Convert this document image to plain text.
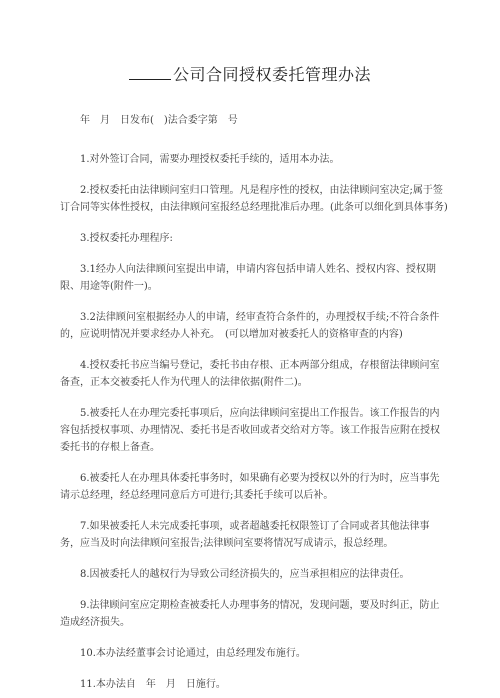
公司合同授权委托管理办法

年　月　日发布(　)法合委字第　号

1.对外签订合同，需要办理授权委托手续的，适用本办法。

2.授权委托由法律顾问室归口管理。凡是程序性的授权，由法律顾问室决定;属于签订合同等实体性授权，由法律顾问室报经总经理批准后办理。(此条可以细化到具体事务)

3.授权委托办理程序:

3.1经办人向法律顾问室提出申请，申请内容包括申请人姓名、授权内容、授权期限、用途等(附件一)。

3.2法律顾问室根据经办人的申请，经审查符合条件的，办理授权手续;不符合条件的，应说明情况并要求经办人补充。　(可以增加对被委托人的资格审查的内容)

4.授权委托书应当编号登记，委托书由存根、正本两部分组成，存根留法律顾问室备查，正本交被委托人作为代理人的法律依据(附件二)。

5.被委托人在办理完委托事项后，应向法律顾问室提出工作报告。该工作报告的内容包括授权事项、办理情况、委托书是否收回或者交给对方等。该工作报告应附在授权委托书的存根上备查。

6.被委托人在办理具体委托事务时，如果确有必要为授权以外的行为时，应当事先请示总经理，经总经理同意后方可进行;其委托手续可以后补。

7.如果被委托人未完成委托事项，或者超越委托权限签订了合同或者其他法律事务，应当及时向法律顾问室报告;法律顾问室要将情况写成请示，报总经理。

8.因被委托人的越权行为导致公司经济损失的，应当承担相应的法律责任。

9.法律顾问室应定期检查被委托人办理事务的情况，发现问题，要及时纠正，防止造成经济损失。

10.本办法经董事会讨论通过，由总经理发布施行。

11.本办法自　年　月　日施行。
